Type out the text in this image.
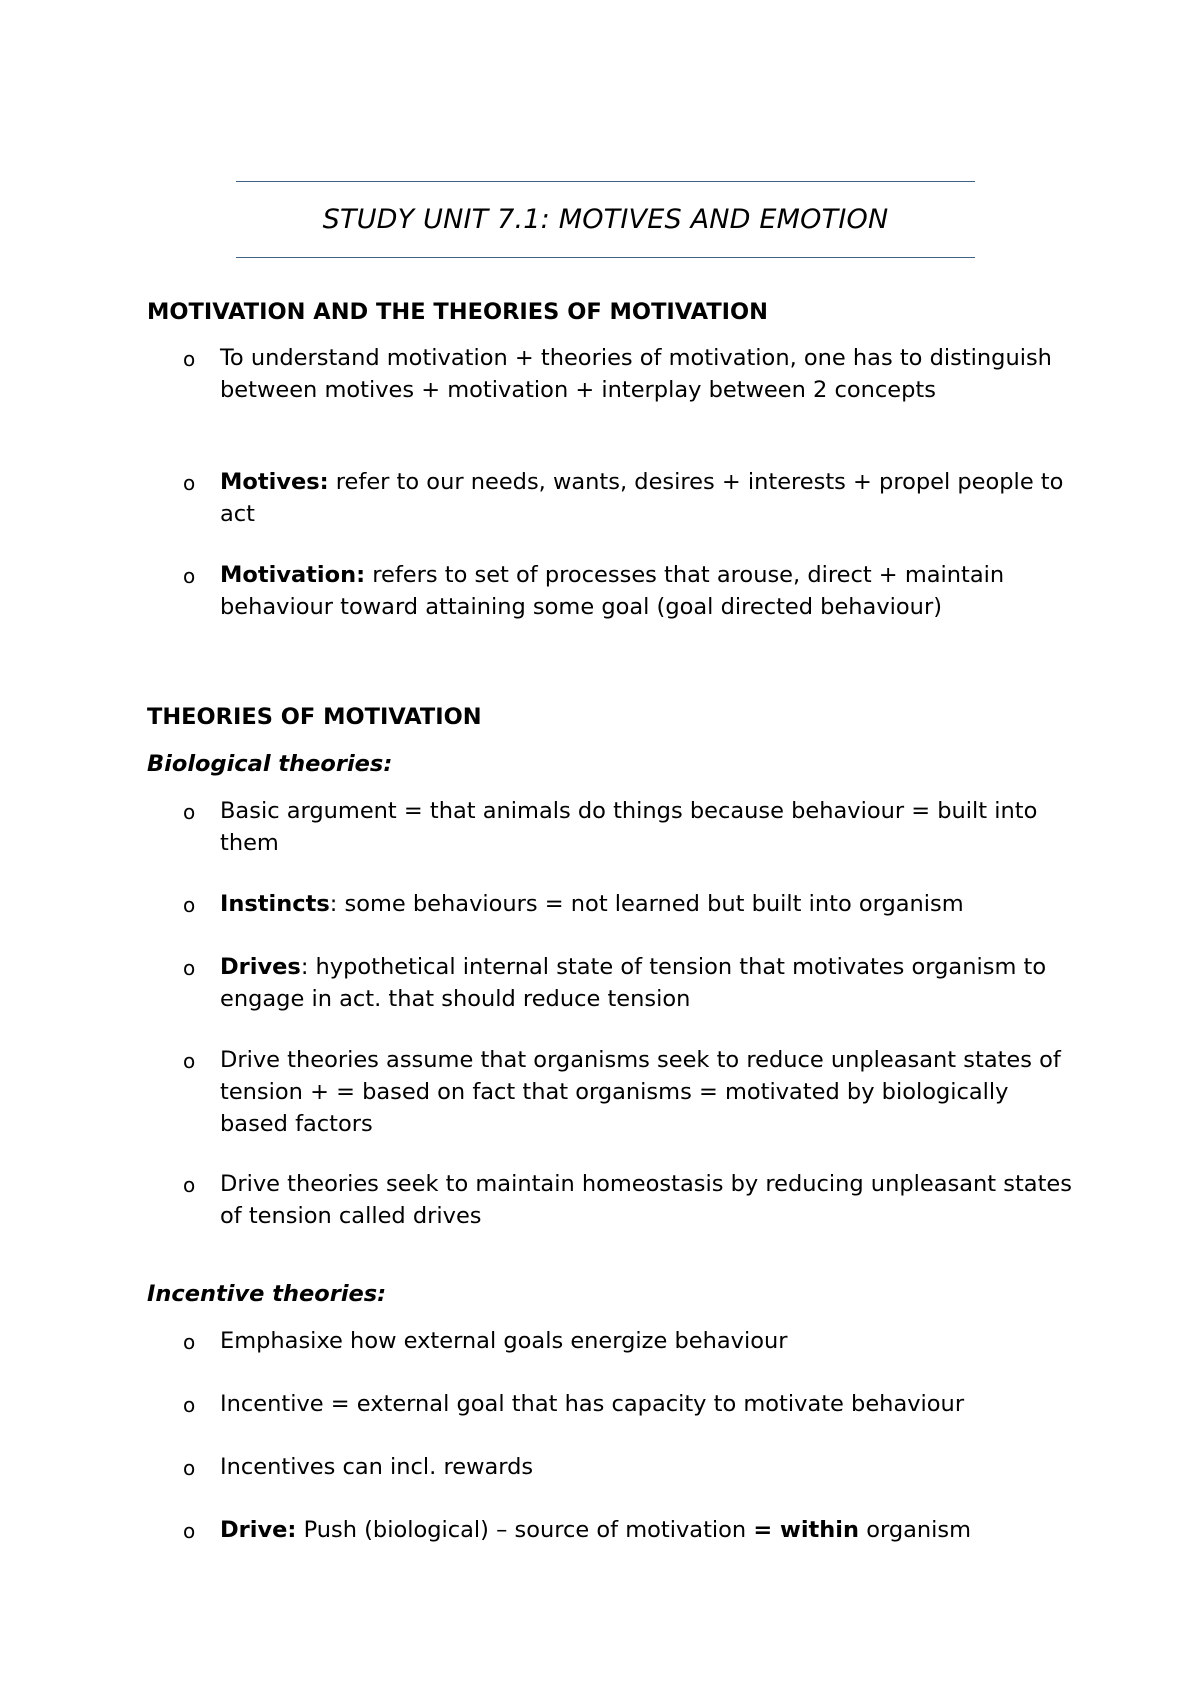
STUDY UNIT 7.1: MOTIVES AND EMOTION
MOTIVATION AND THE THEORIES OF MOTIVATION
o To understand motivation + theories of motivation, one has to distinguish between motives + motivation + interplay between 2 concepts
o Motives: refer to our needs, wants, desires + interests + propel people to act
o Motivation: refers to set of processes that arouse, direct + maintain behaviour toward attaining some goal (goal directed behaviour)
THEORIES OF MOTIVATION
Biological theories:
o Basic argument = that animals do things because behaviour = built into them
o Instincts: some behaviours = not learned but built into organism
o Drives: hypothetical internal state of tension that motivates organism to engage in act. that should reduce tension
o Drive theories assume that organisms seek to reduce unpleasant states of tension + = based on fact that organisms = motivated by biologically based factors
o Drive theories seek to maintain homeostasis by reducing unpleasant states of tension called drives
Incentive theories:
o Emphasixe how external goals energize behaviour
o Incentive = external goal that has capacity to motivate behaviour
o Incentives can incl. rewards
o Drive: Push (biological) – source of motivation = within organism
